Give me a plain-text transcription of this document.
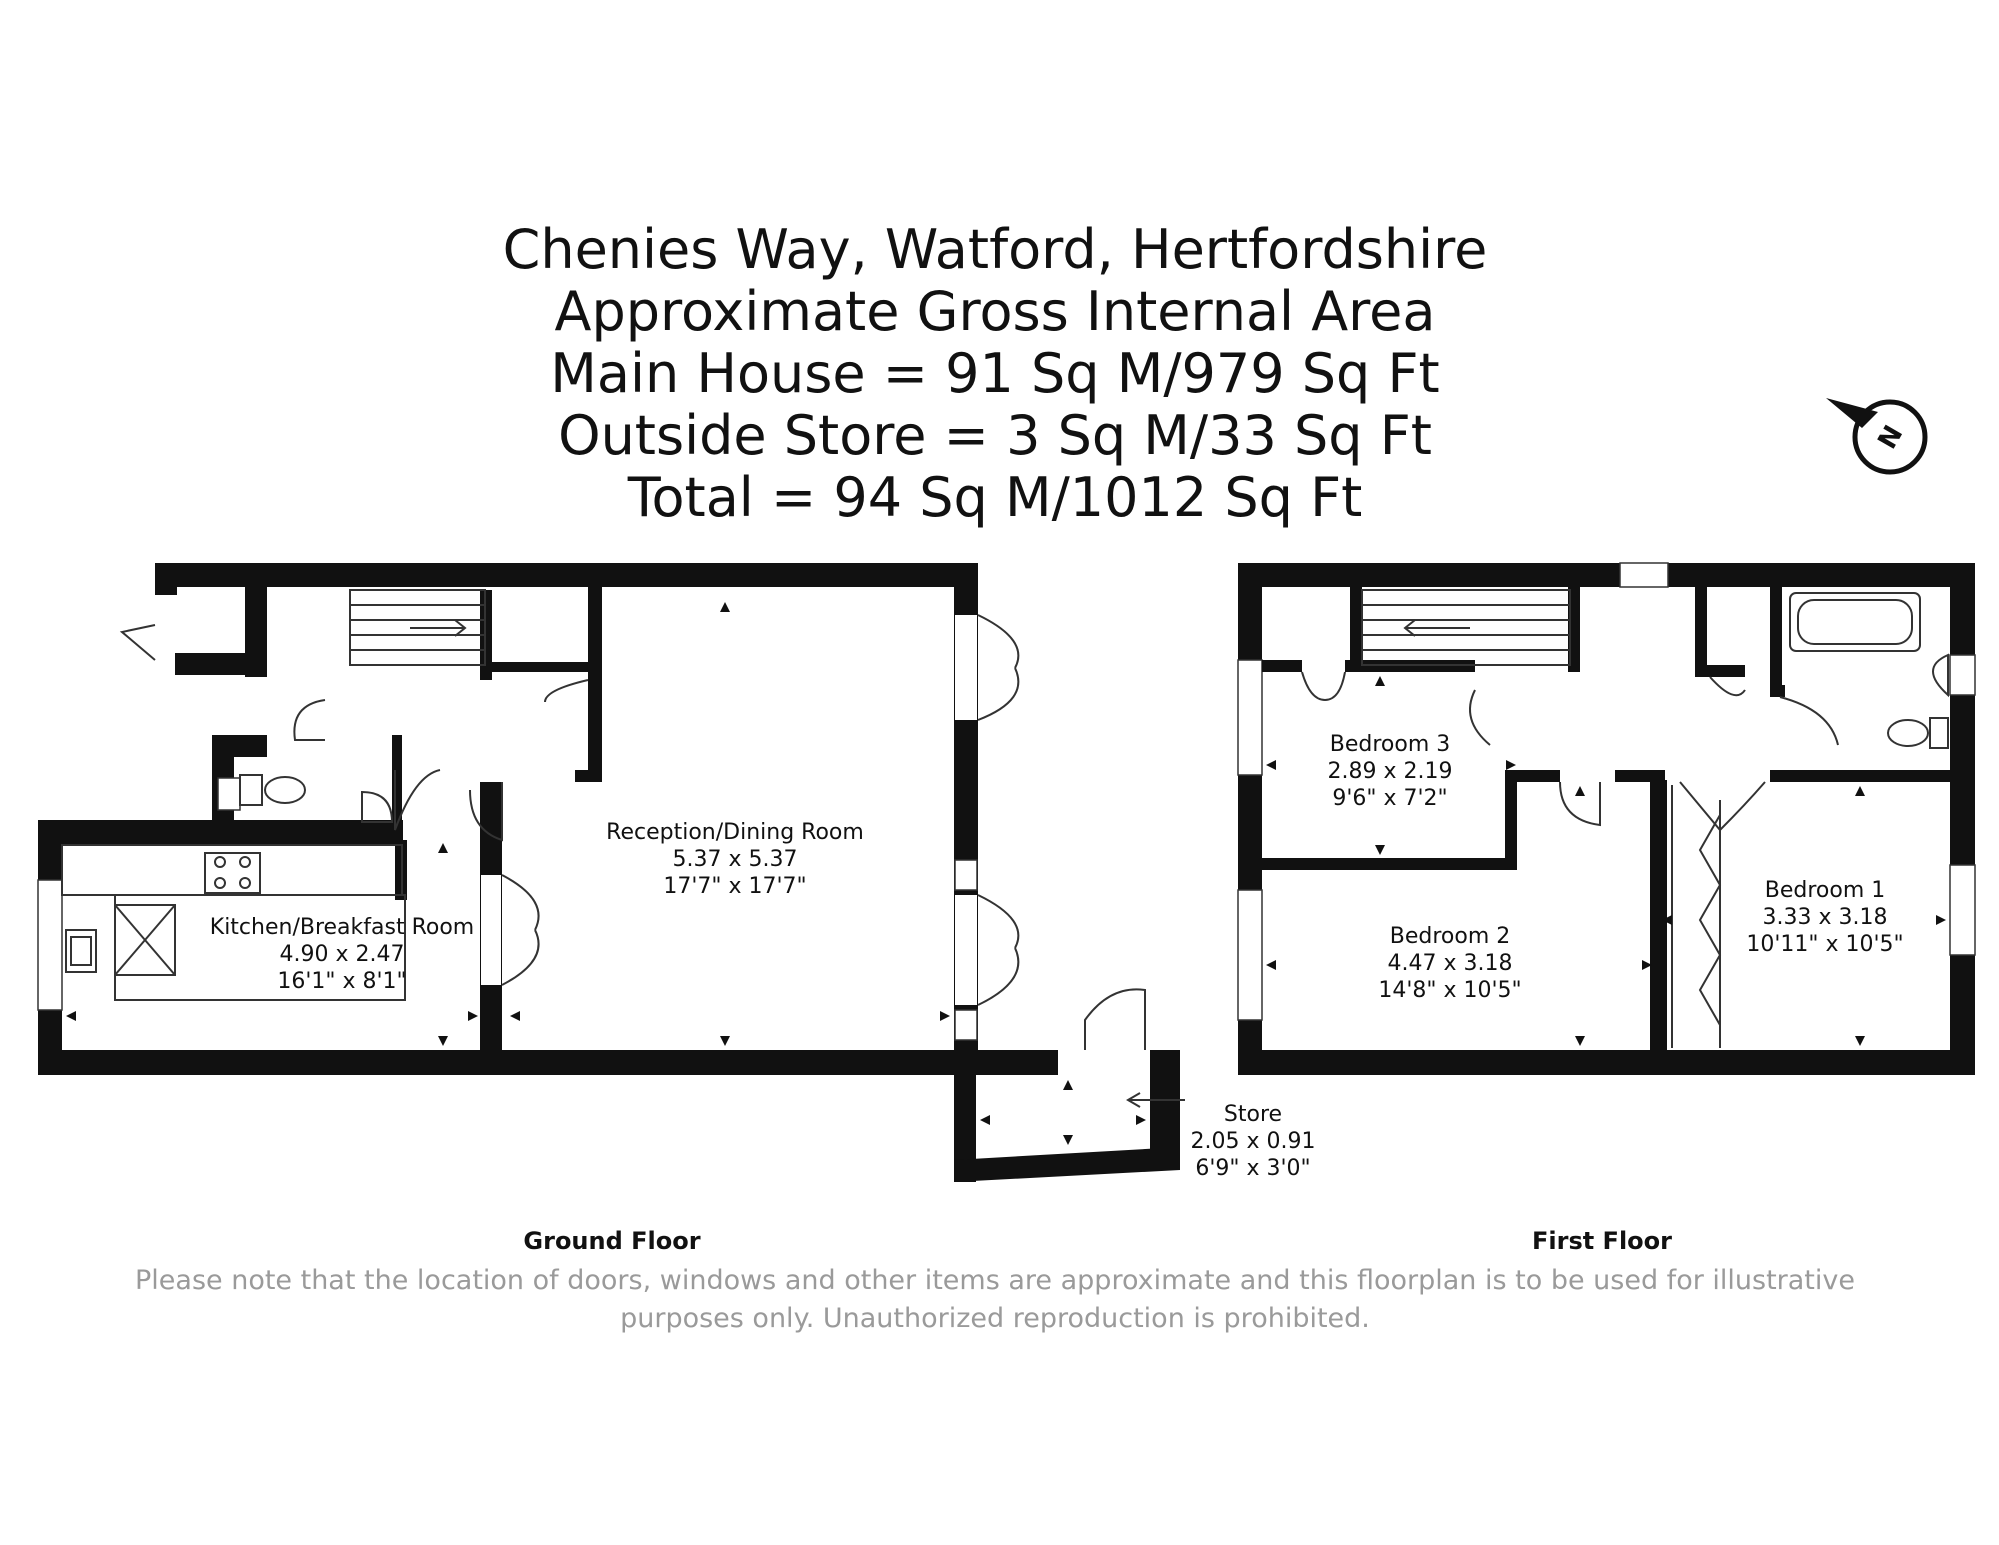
Chenies Way, Watford, Hertfordshire
Approximate Gross Internal Area
Main House = 91 Sq M/979 Sq Ft
Outside Store = 3 Sq M/33 Sq Ft
Total = 94 Sq M/1012 Sq Ft
N
Reception/Dining Room
5.37 x 5.37
17'7" x 17'7"
Kitchen/Breakfast Room
4.90 x 2.47
16'1" x 8'1"
Store
2.05 x 0.91
6'9" x 3'0"
Bedroom 3
2.89 x 2.19
9'6" x 7'2"
Bedroom 2
4.47 x 3.18
14'8" x 10'5"
Bedroom 1
3.33 x 3.18
10'11" x 10'5"
Ground Floor	First Floor
Please note that the location of doors, windows and other items are approximate and this floorplan is to be used for illustrative
purposes only. Unauthorized reproduction is prohibited.
